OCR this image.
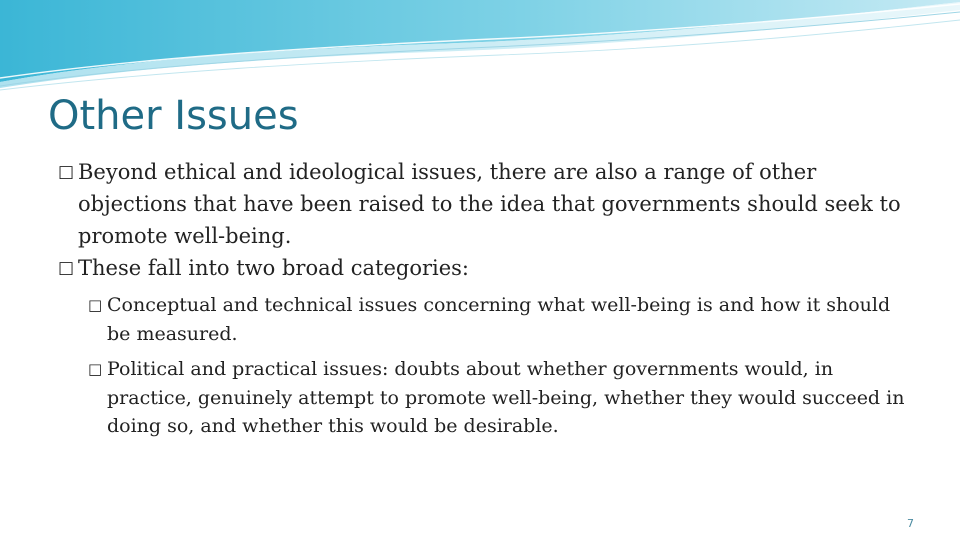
Other Issues

□ Beyond ethical and ideological issues, there are also a range of other objections that have been raised to the idea that governments should seek to promote well-being.

□ These fall into two broad categories:

□ Conceptual and technical issues concerning what well-being is and how it should be measured.

□ Political and practical issues: doubts about whether governments would, in practice, genuinely attempt to promote well-being, whether they would succeed in doing so, and whether this would be desirable.

7
